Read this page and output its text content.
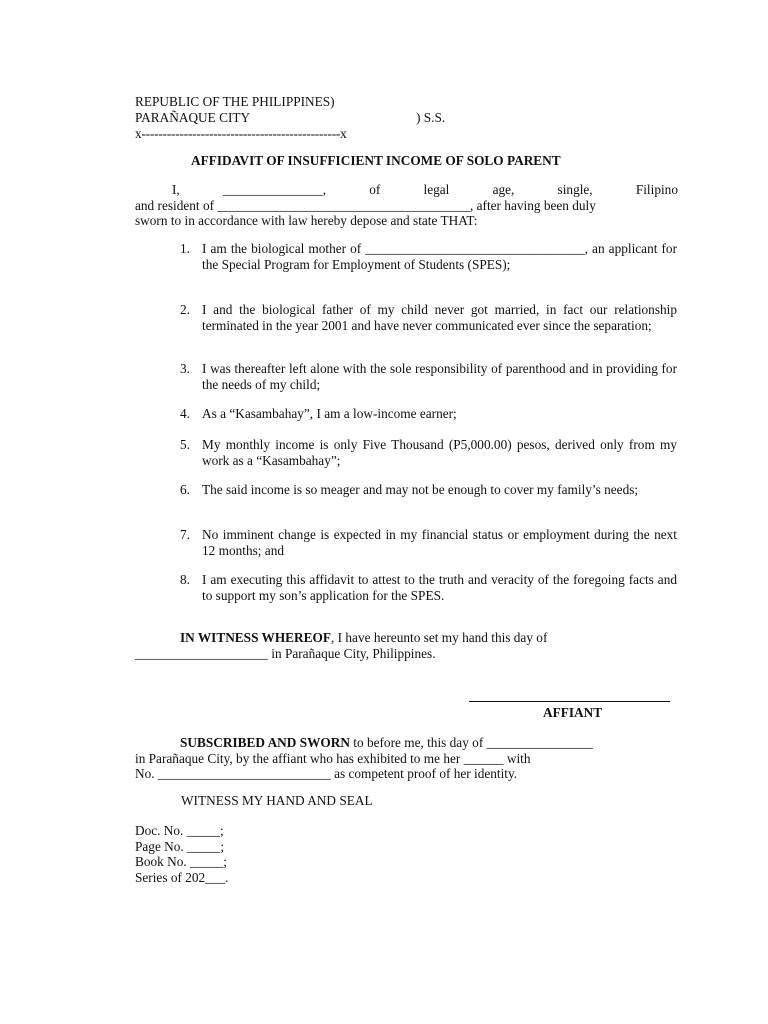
REPUBLIC OF THE PHILIPPINES)
PARAÑAQUE CITY	) S.S.
x-----------------------------------------------x
AFFIDAVIT OF INSUFFICIENT INCOME OF SOLO PARENT
I,	_______________,	of	legal	age,	single,	Filipino
and resident of ______________________________________, after having been duly
sworn to in accordance with law hereby depose and state THAT:
1. I am the biological mother of _________________________________, an applicant for the Special Program for Employment of Students (SPES);
2. I and the biological father of my child never got married, in fact our relationship terminated in the year 2001 and have never communicated ever since the separation;
3. I was thereafter left alone with the sole responsibility of parenthood and in providing for the needs of my child;
4. As a “Kasambahay”, I am a low-income earner;
5. My monthly income is only Five Thousand (P5,000.00) pesos, derived only from my work as a “Kasambahay”;
6. The said income is so meager and may not be enough to cover my family’s needs;
7. No imminent change is expected in my financial status or employment during the next 12 months; and
8. I am executing this affidavit to attest to the truth and veracity of the foregoing facts and to support my son’s application for the SPES.
IN WITNESS WHEREOF, I have hereunto set my hand this day of
____________________ in Parañaque City, Philippines.
AFFIANT
SUBSCRIBED AND SWORN to before me, this day of ________________
in Parañaque City, by the affiant who has exhibited to me her ______ with
No. __________________________ as competent proof of her identity.
WITNESS MY HAND AND SEAL
Doc. No. _____;
Page No. _____;
Book No. _____;
Series of 202___.
